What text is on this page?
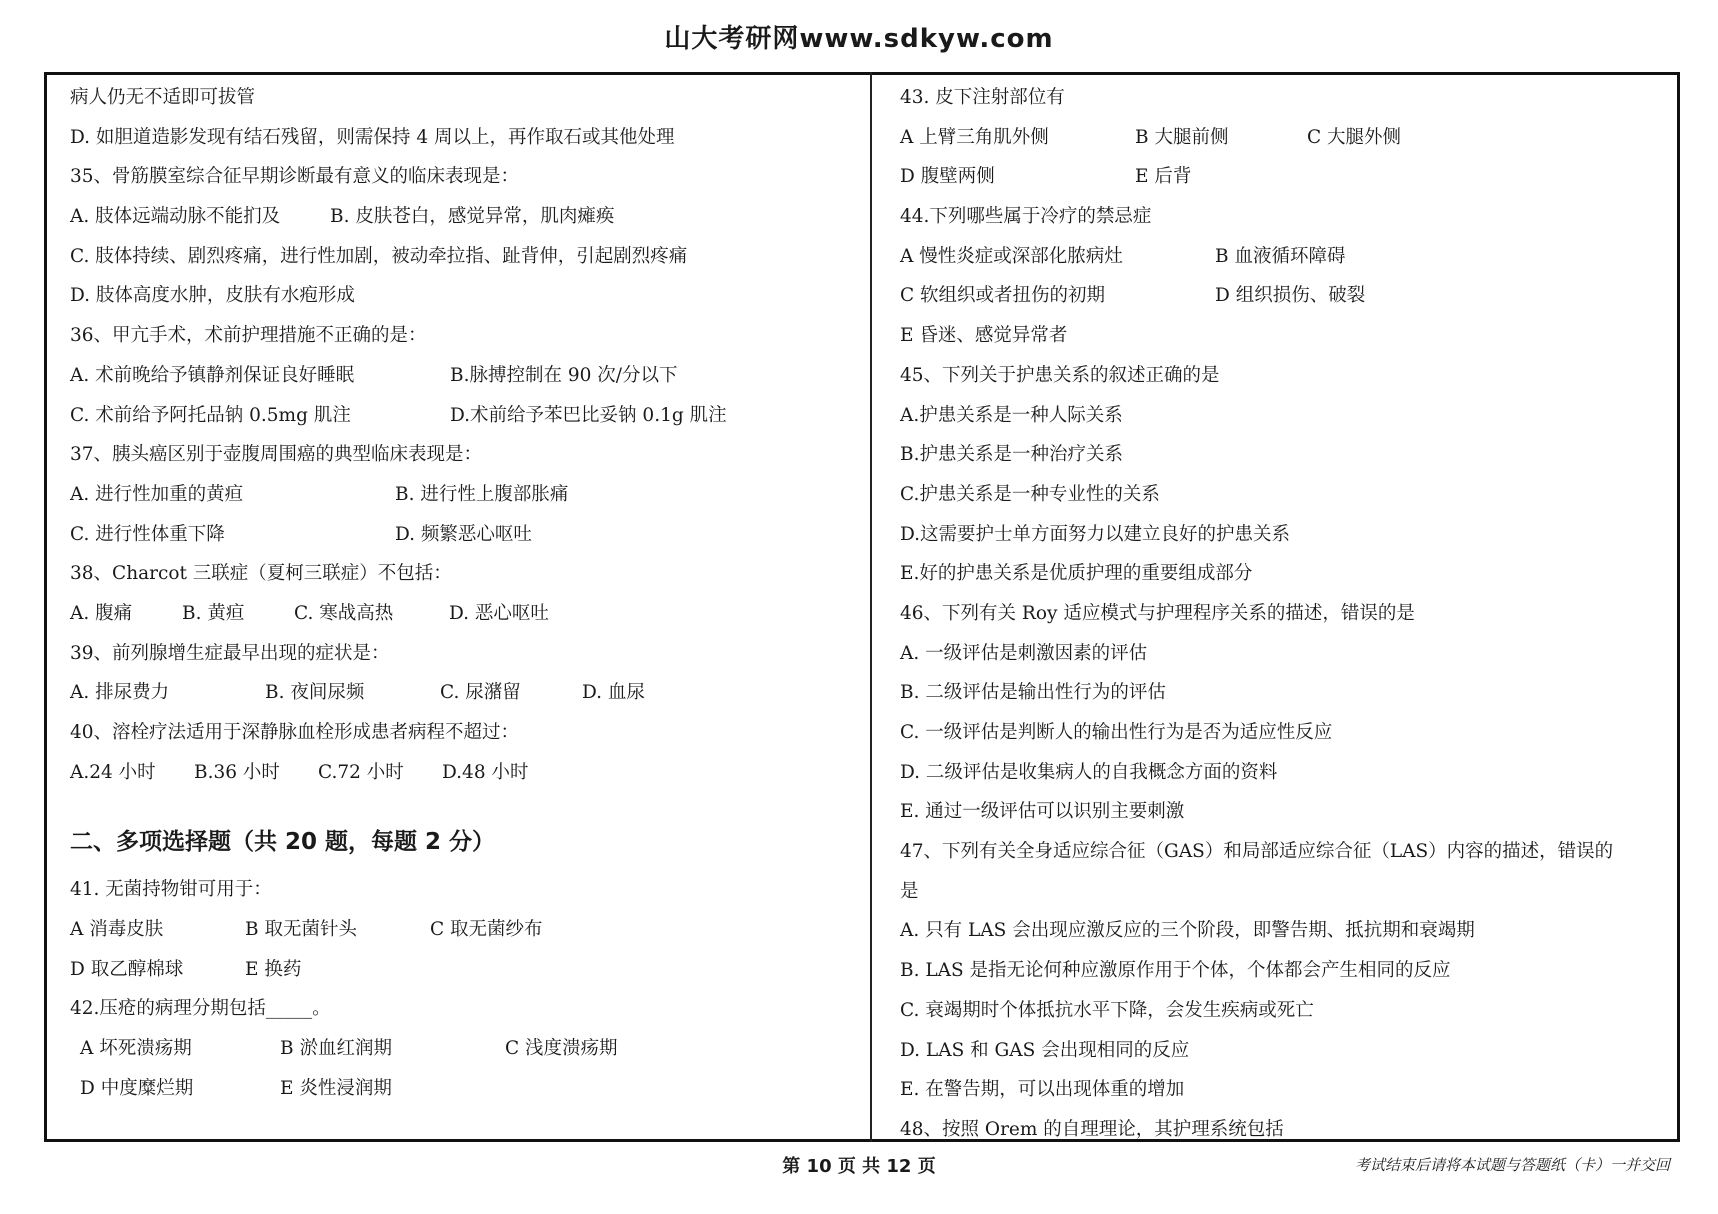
山大考研网www.sdkyw.com
病人仍无不适即可拔管
D. 如胆道造影发现有结石残留，则需保持 4 周以上，再作取石或其他处理
35、骨筋膜室综合征早期诊断最有意义的临床表现是：
A. 肢体远端动脉不能扪及	B. 皮肤苍白，感觉异常，肌肉瘫痪
C. 肢体持续、剧烈疼痛，进行性加剧，被动牵拉指、趾背伸，引起剧烈疼痛
D. 肢体高度水肿，皮肤有水疱形成
36、甲亢手术，术前护理措施不正确的是：
A. 术前晚给予镇静剂保证良好睡眠	B.脉搏控制在 90 次/分以下
C. 术前给予阿托品钠 0.5mg 肌注	D.术前给予苯巴比妥钠 0.1g 肌注
37、胰头癌区别于壶腹周围癌的典型临床表现是：
A. 进行性加重的黄疸	B. 进行性上腹部胀痛
C. 进行性体重下降	D. 频繁恶心呕吐
38、Charcot 三联症（夏柯三联症）不包括：
A. 腹痛	B. 黄疸	C. 寒战高热	D. 恶心呕吐
39、前列腺增生症最早出现的症状是：
A. 排尿费力	B. 夜间尿频	C. 尿潴留	D. 血尿
40、溶栓疗法适用于深静脉血栓形成患者病程不超过：
A.24 小时 B.36 小时 C.72 小时 D.48 小时
二、多项选择题（共 20 题，每题 2 分）
41. 无菌持物钳可用于：
A 消毒皮肤	B 取无菌针头	C 取无菌纱布
D 取乙醇棉球	E 换药
42.压疮的病理分期包括_____。
A 坏死溃疡期	B 淤血红润期	C 浅度溃疡期
D 中度糜烂期	E 炎性浸润期
43. 皮下注射部位有
A 上臂三角肌外侧	B 大腿前侧	C 大腿外侧
D 腹壁两侧	E 后背
44.下列哪些属于冷疗的禁忌症
A 慢性炎症或深部化脓病灶	B 血液循环障碍
C 软组织或者扭伤的初期	D 组织损伤、破裂
E 昏迷、感觉异常者
45、下列关于护患关系的叙述正确的是
A.护患关系是一种人际关系
B.护患关系是一种治疗关系
C.护患关系是一种专业性的关系
D.这需要护士单方面努力以建立良好的护患关系
E.好的护患关系是优质护理的重要组成部分
46、下列有关 Roy 适应模式与护理程序关系的描述，错误的是
A. 一级评估是刺激因素的评估
B. 二级评估是输出性行为的评估
C. 一级评估是判断人的输出性行为是否为适应性反应
D. 二级评估是收集病人的自我概念方面的资料
E. 通过一级评估可以识别主要刺激
47、下列有关全身适应综合征（GAS）和局部适应综合征（LAS）内容的描述，错误的
是
A. 只有 LAS 会出现应激反应的三个阶段，即警告期、抵抗期和衰竭期
B. LAS 是指无论何种应激原作用于个体，个体都会产生相同的反应
C. 衰竭期时个体抵抗水平下降，会发生疾病或死亡
D. LAS 和 GAS 会出现相同的反应
E. 在警告期，可以出现体重的增加
48、按照 Orem 的自理理论，其护理系统包括
第 10 页 共 12 页	考试结束后请将本试题与答题纸（卡）一并交回
